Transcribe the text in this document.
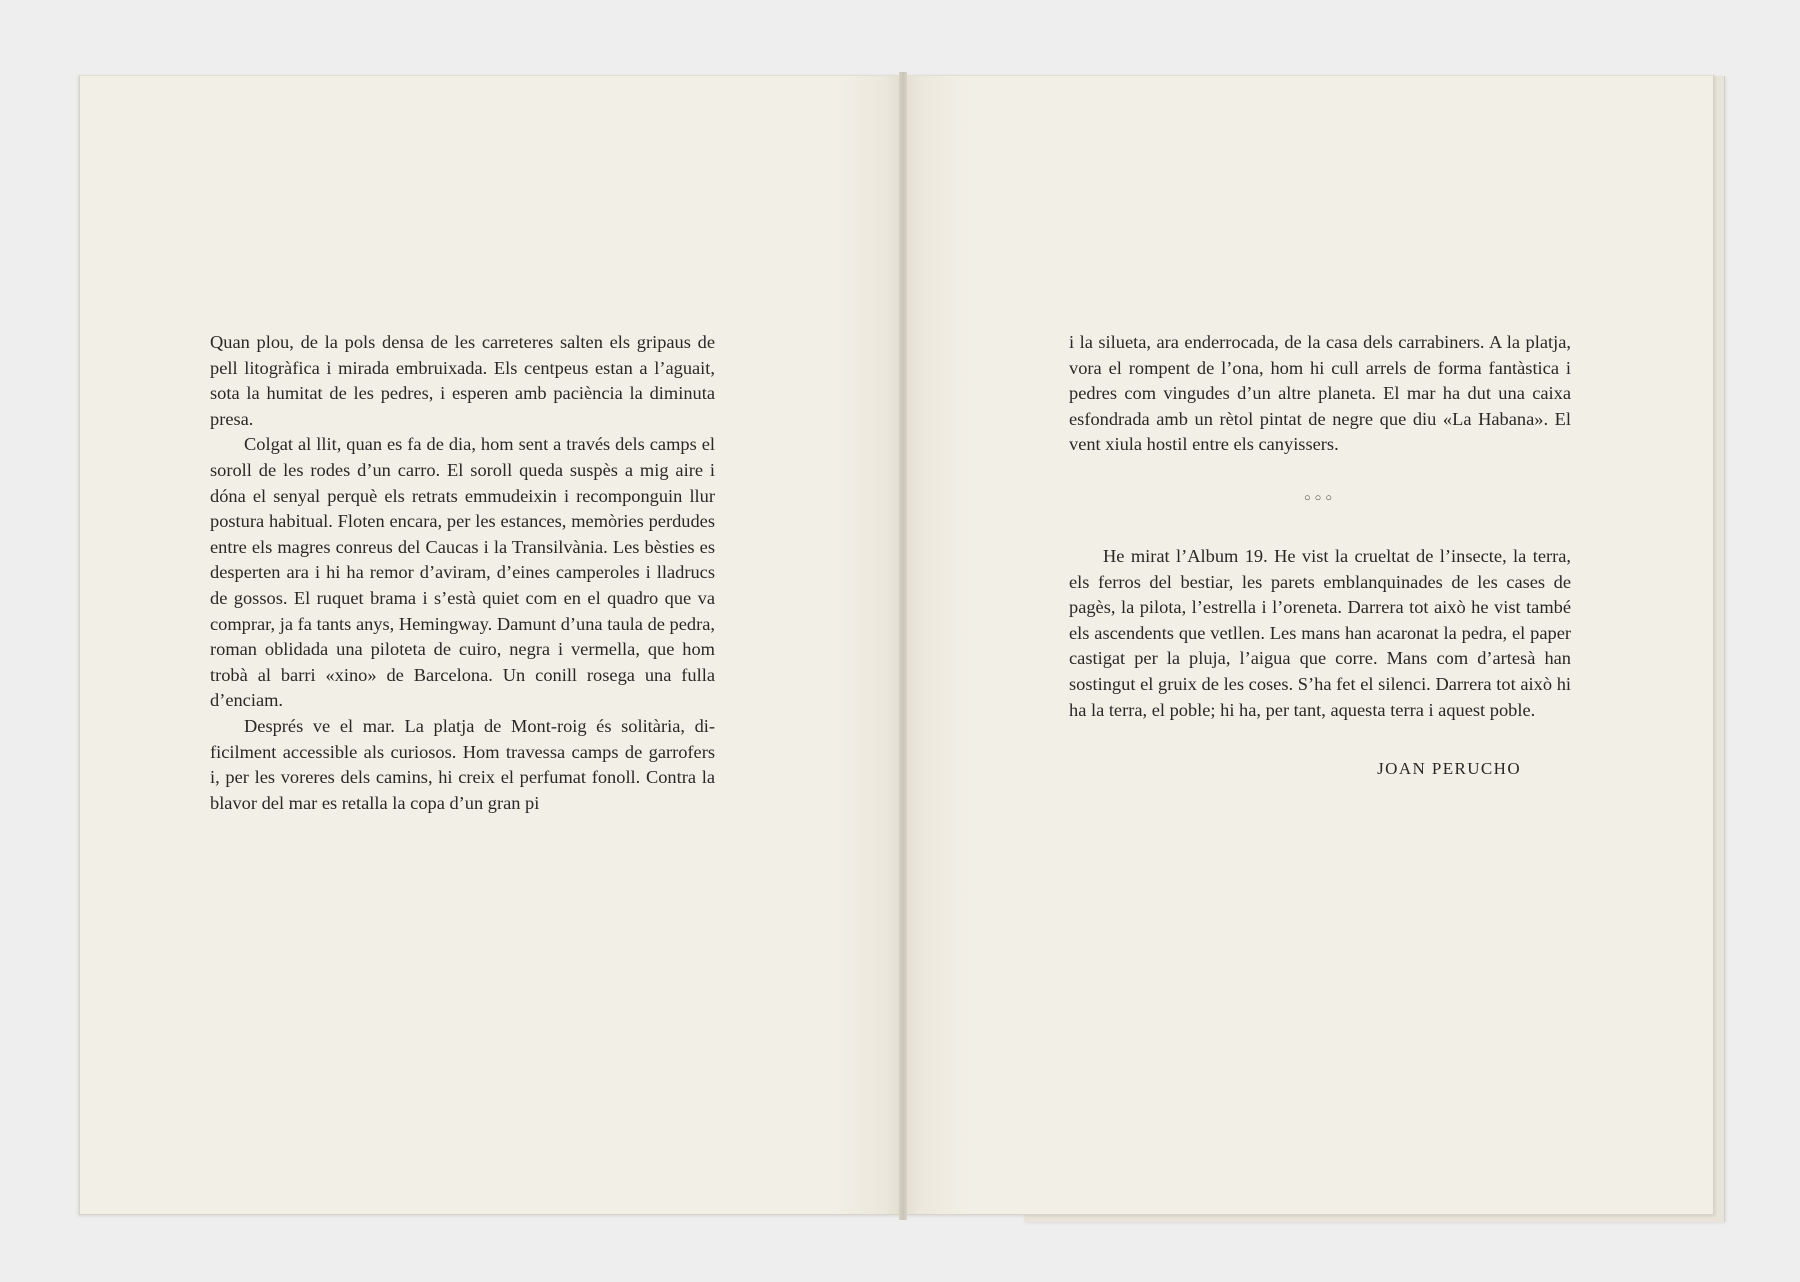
Quan plou, de la pols densa de les carreteres salten els gripaus de pell litogràfica i mirada embruixada. Els centpeus estan a l’aguait, sota la humitat de les pedres, i esperen amb paciència la diminuta presa.

Colgat al llit, quan es fa de dia, hom sent a través dels camps el soroll de les rodes d’un carro. El soroll queda suspès a mig aire i dóna el senyal perquè els retrats emmudeixin i recomponguin llur postura habitual. Floten encara, per les estances, memòries perdudes entre els magres conreus del Caucas i la Transilvània. Les bèsties es desperten ara i hi ha remor d’aviram, d’eines camperoles i lladrucs de gossos. El ruquet brama i s’està quiet com en el quadro que va comprar, ja fa tants anys, Hemingway. Damunt d’una taula de pedra, roman oblidada una piloteta de cuiro, negra i vermella, que hom trobà al barri «xino» de Barcelona. Un conill rosega una fulla d’enciam.

Després ve el mar. La platja de Mont-roig és solitària, dificilment accessible als curiosos. Hom travessa camps de garrofers i, per les voreres dels camins, hi creix el perfumat fonoll. Contra la blavor del mar es retalla la copa d’un gran pi

i la silueta, ara enderrocada, de la casa dels carrabiners. A la platja, vora el rompent de l’ona, hom hi cull arrels de forma fantàstica i pedres com vingudes d’un altre planeta. El mar ha dut una caixa esfondrada amb un rètol pintat de negre que diu «La Habana». El vent xiula hostil entre els canyissers.

○○○

He mirat l’Album 19. He vist la crueltat de l’insecte, la terra, els ferros del bestiar, les parets emblanquinades de les cases de pagès, la pilota, l’estrella i l’oreneta. Darrera tot això he vist també els ascendents que vetllen. Les mans han acaronat la pedra, el paper castigat per la pluja, l’aigua que corre. Mans com d’artesà han sostingut el gruix de les coses. S’ha fet el silenci. Darrera tot això hi ha la terra, el poble; hi ha, per tant, aquesta terra i aquest poble.

JOAN PERUCHO
